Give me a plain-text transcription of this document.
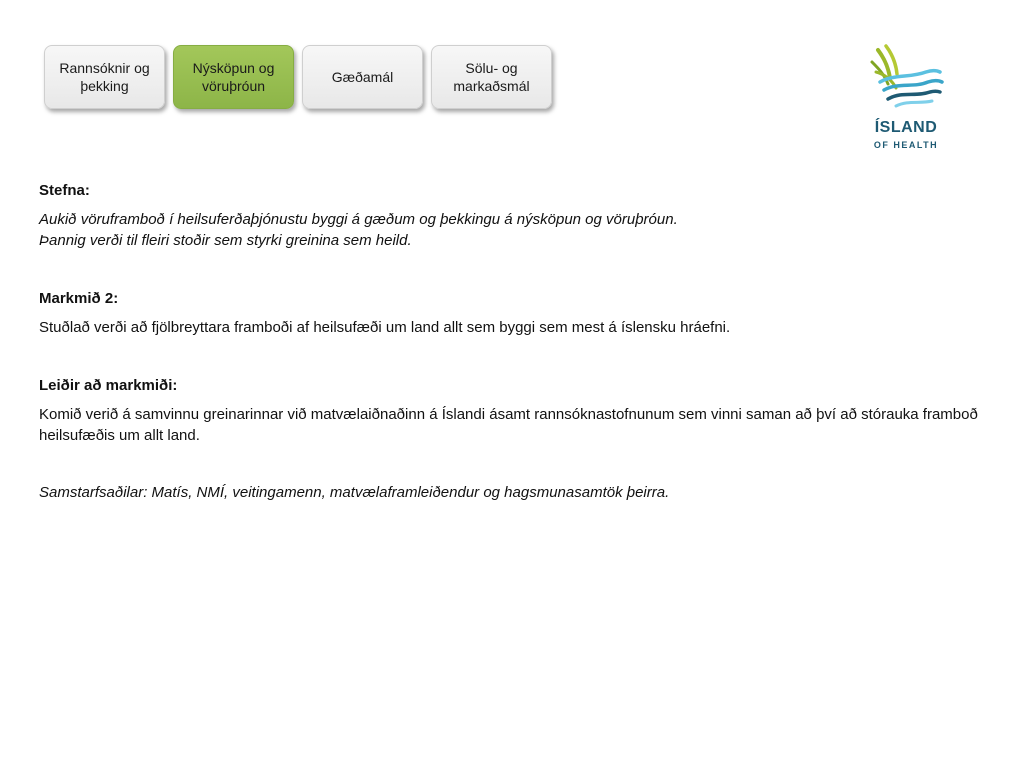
Rannsóknir og þekking
Nýsköpun og vöruþróun
Gæðamál
Sölu- og markaðsmál
ÍSLAND
OF HEALTH

Stefna:

Aukið vöruframboð í heilsuferðaþjónustu byggi á gæðum og þekkingu á nýsköpun og vöruþróun.

Þannig verði til fleiri stoðir sem styrki greinina sem heild.

Markmið 2:

Stuðlað verði að fjölbreyttara framboði af heilsufæði um land allt sem byggi sem mest á íslensku hráefni.

Leiðir að markmiði:

Komið verið á samvinnu greinarinnar við matvælaiðnaðinn á Íslandi ásamt rannsóknastofnunum sem vinni saman að því að stórauka framboð heilsufæðis um allt land.

Samstarfsaðilar: Matís, NMÍ, veitingamenn, matvælaframleiðendur og hagsmunasamtök þeirra.
